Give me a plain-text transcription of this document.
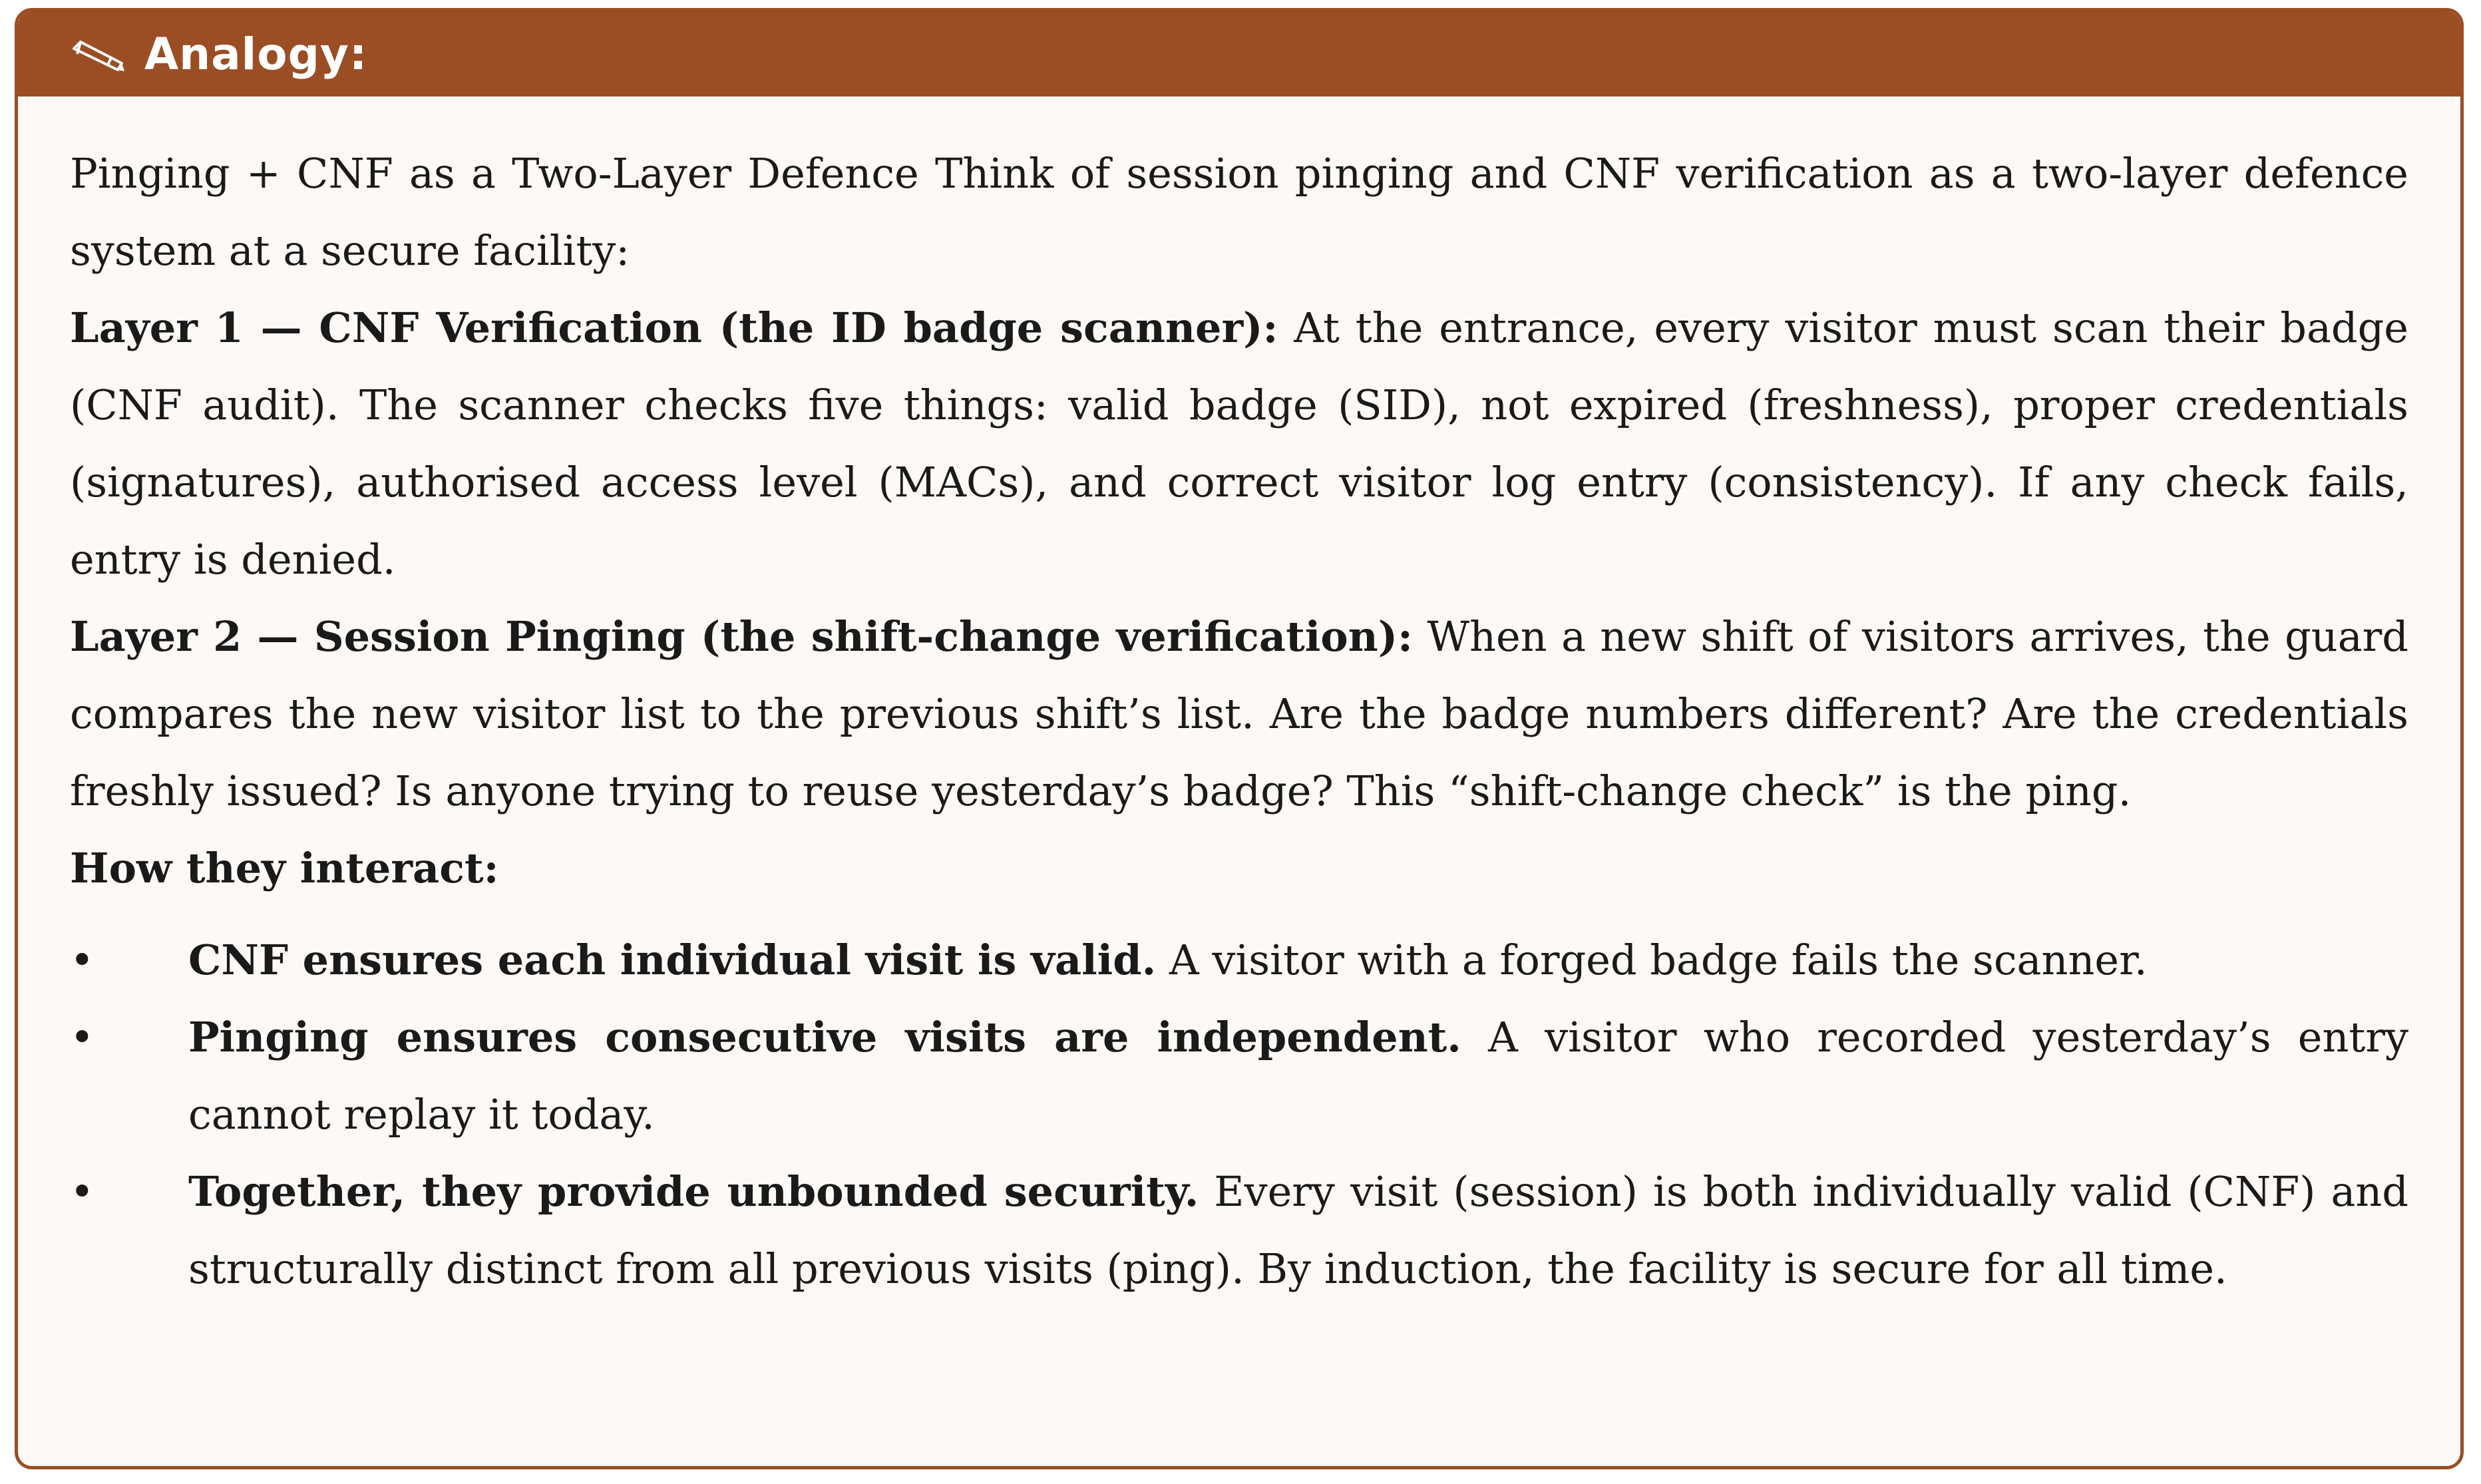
Analogy:

Pinging + CNF as a Two-Layer Defence Think of session pinging and CNF verification as a two-layer defence system at a secure facility:

Layer 1 — CNF Verification (the ID badge scanner): At the entrance, every visitor must scan their badge (CNF audit). The scanner checks five things: valid badge (SID), not expired (freshness), proper credentials (signatures), authorised access level (MACs), and correct visitor log entry (consistency). If any check fails, entry is denied.

Layer 2 — Session Pinging (the shift-change verification): When a new shift of visitors arrives, the guard compares the new visitor list to the previous shift’s list. Are the badge numbers different? Are the credentials freshly issued? Is anyone trying to reuse yesterday’s badge? This “shift-change check” is the ping.

How they interact:

•	CNF ensures each individual visit is valid. A visitor with a forged badge fails the scanner.
•	Pinging ensures consecutive visits are independent. A visitor who recorded yesterday’s entry cannot replay it today.
•	Together, they provide unbounded security. Every visit (session) is both individually valid (CNF) and structurally distinct from all previous visits (ping). By induction, the facility is secure for all time.
